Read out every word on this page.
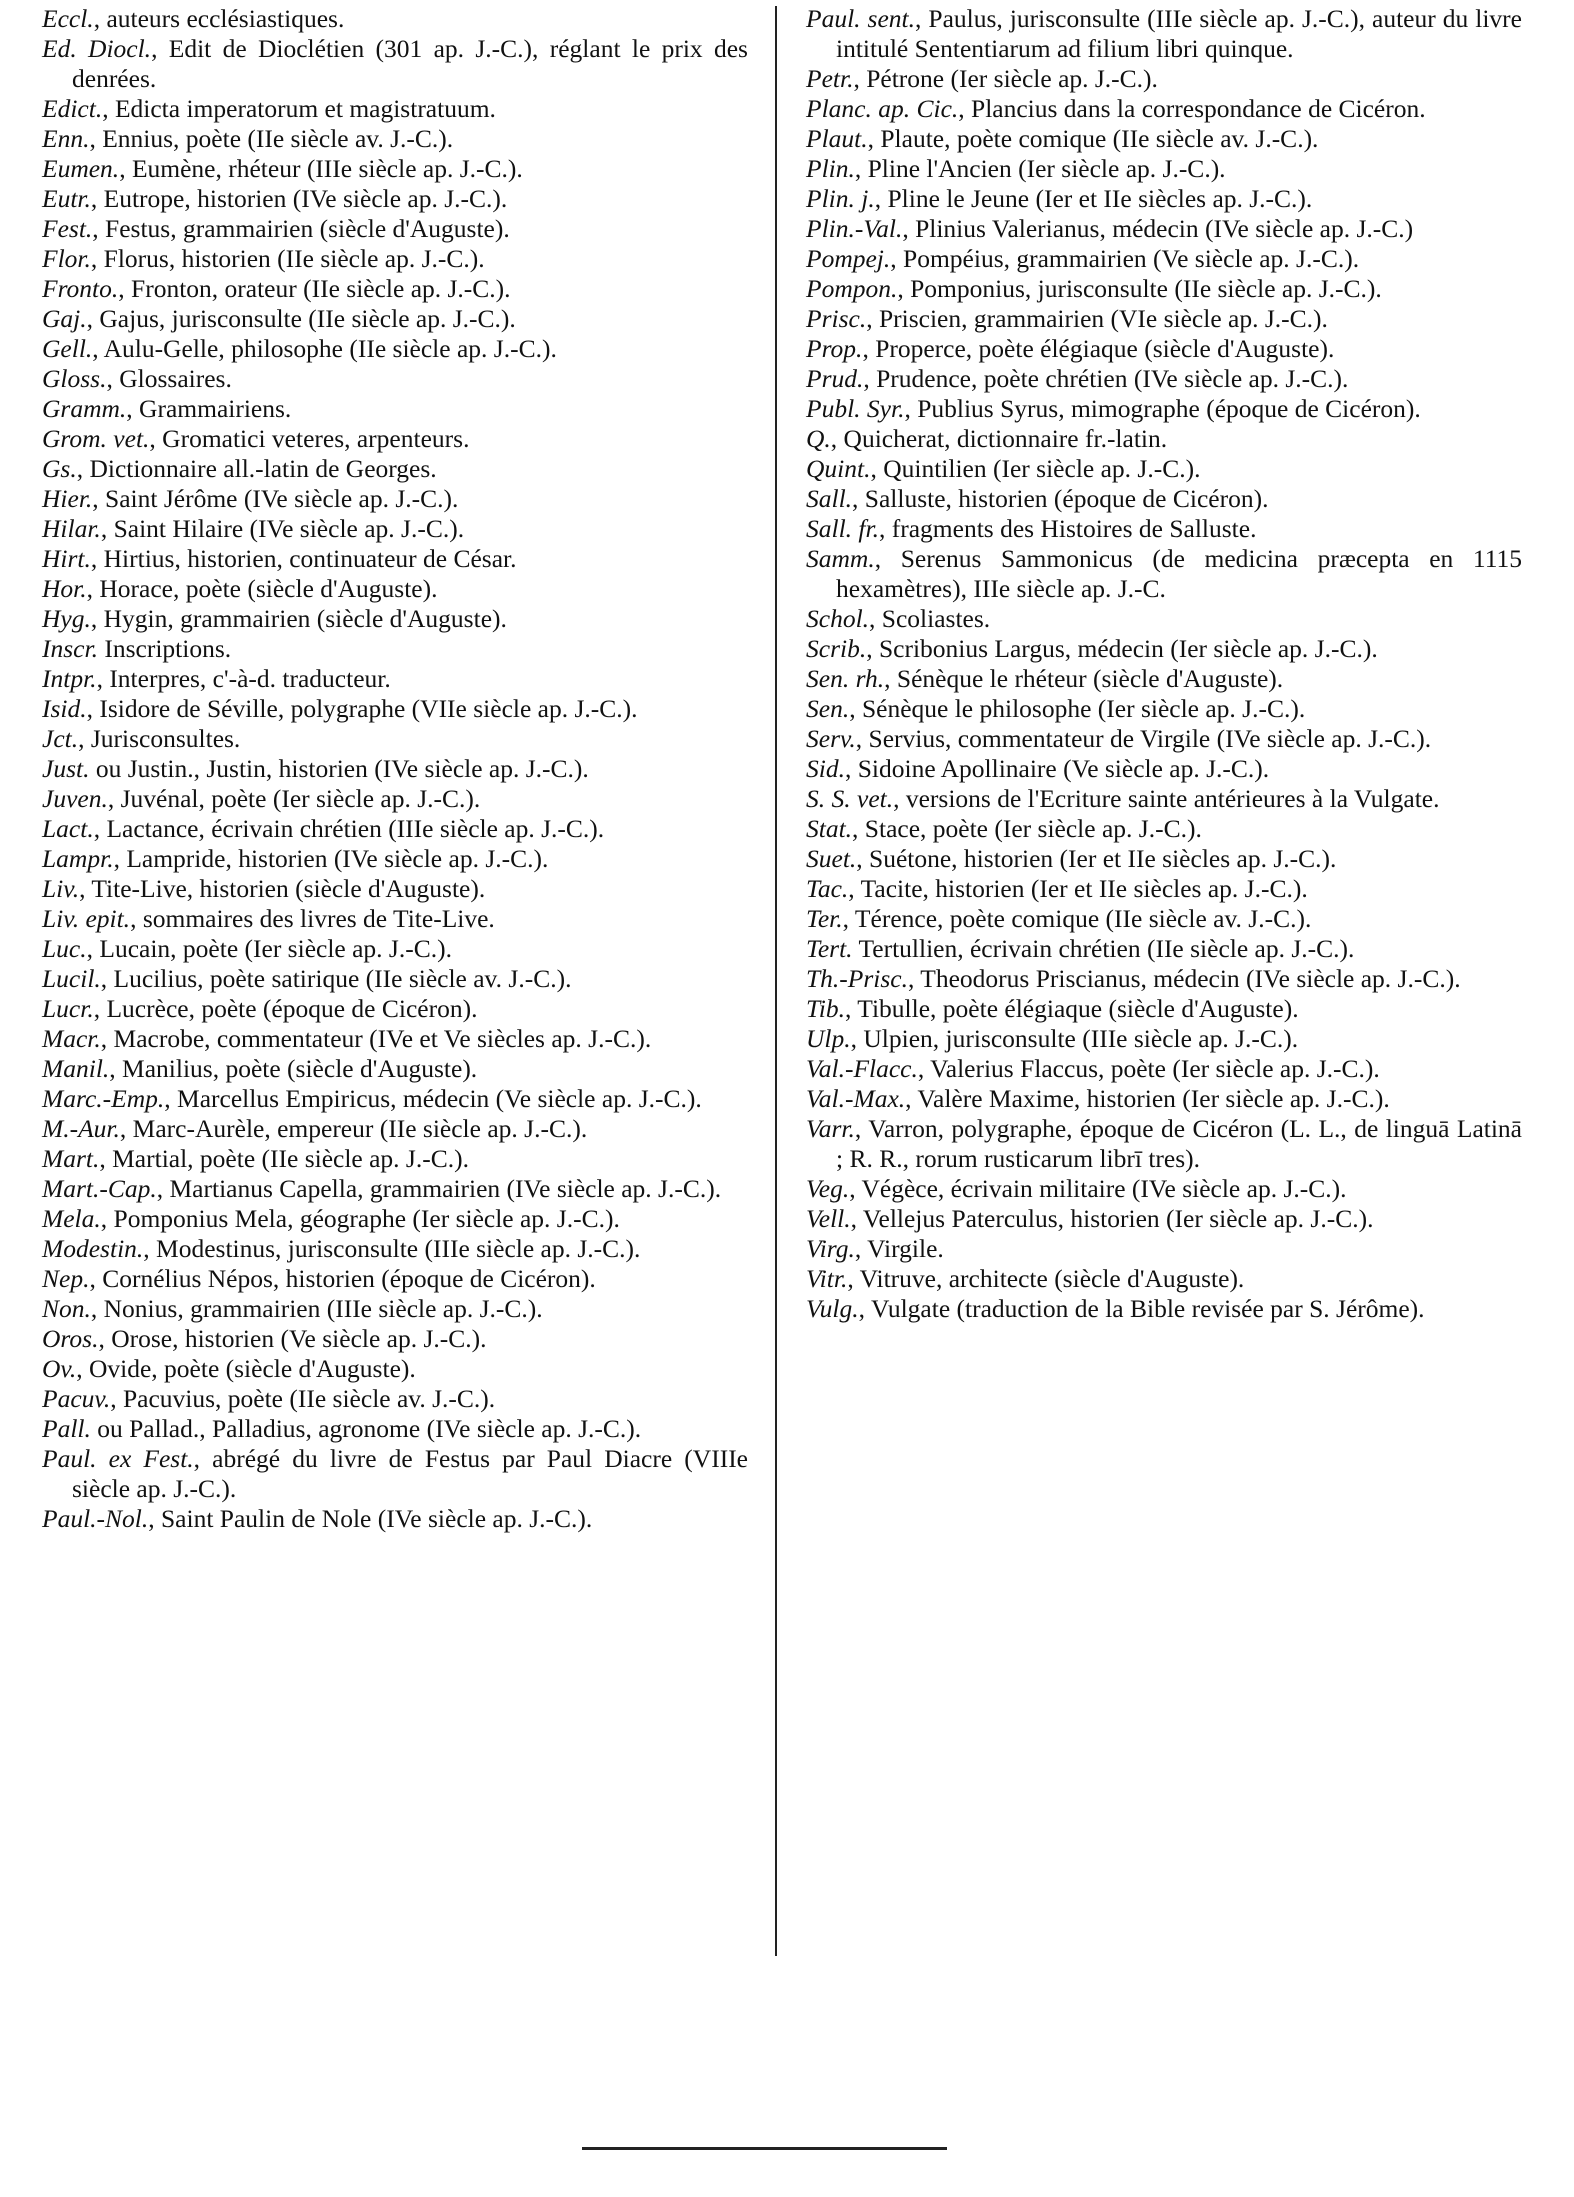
Eccl., auteurs ecclésiastiques.

Ed. Diocl., Edit de Dioclétien (301 ap. J.-C.), réglant le prix des denrées.

Edict., Edicta imperatorum et magistratuum.

Enn., Ennius, poète (IIe siècle av. J.-C.).

Eumen., Eumène, rhéteur (IIIe siècle ap. J.-C.).

Eutr., Eutrope, historien (IVe siècle ap. J.-C.).

Fest., Festus, grammairien (siècle d'Auguste).

Flor., Florus, historien (IIe siècle ap. J.-C.).

Fronto., Fronton, orateur (IIe siècle ap. J.-C.).

Gaj., Gajus, jurisconsulte (IIe siècle ap. J.-C.).

Gell., Aulu-Gelle, philosophe (IIe siècle ap. J.-C.).

Gloss., Glossaires.

Gramm., Grammairiens.

Grom. vet., Gromatici veteres, arpenteurs.

Gs., Dictionnaire all.-latin de Georges.

Hier., Saint Jérôme (IVe siècle ap. J.-C.).

Hilar., Saint Hilaire (IVe siècle ap. J.-C.).

Hirt., Hirtius, historien, continuateur de César.

Hor., Horace, poète (siècle d'Auguste).

Hyg., Hygin, grammairien (siècle d'Auguste).

Inscr. Inscriptions.

Intpr., Interpres, c'-à-d. traducteur.

Isid., Isidore de Séville, polygraphe (VIIe siècle ap. J.-C.).

Jct., Jurisconsultes.

Just. ou Justin., Justin, historien (IVe siècle ap. J.-C.).

Juven., Juvénal, poète (Ier siècle ap. J.-C.).

Lact., Lactance, écrivain chrétien (IIIe siècle ap. J.-C.).

Lampr., Lampride, historien (IVe siècle ap. J.-C.).

Liv., Tite-Live, historien (siècle d'Auguste).

Liv. epit., sommaires des livres de Tite-Live.

Luc., Lucain, poète (Ier siècle ap. J.-C.).

Lucil., Lucilius, poète satirique (IIe siècle av. J.-C.).

Lucr., Lucrèce, poète (époque de Cicéron).

Macr., Macrobe, commentateur (IVe et Ve siècles ap. J.-C.).

Manil., Manilius, poète (siècle d'Auguste).

Marc.-Emp., Marcellus Empiricus, médecin (Ve siècle ap. J.-C.).

M.-Aur., Marc-Aurèle, empereur (IIe siècle ap. J.-C.).

Mart., Martial, poète (IIe siècle ap. J.-C.).

Mart.-Cap., Martianus Capella, grammairien (IVe siècle ap. J.-C.).

Mela., Pomponius Mela, géographe (Ier siècle ap. J.-C.).

Modestin., Modestinus, jurisconsulte (IIIe siècle ap. J.-C.).

Nep., Cornélius Népos, historien (époque de Cicéron).

Non., Nonius, grammairien (IIIe siècle ap. J.-C.).

Oros., Orose, historien (Ve siècle ap. J.-C.).

Ov., Ovide, poète (siècle d'Auguste).

Pacuv., Pacuvius, poète (IIe siècle av. J.-C.).

Pall. ou Pallad., Palladius, agronome (IVe siècle ap. J.-C.).

Paul. ex Fest., abrégé du livre de Festus par Paul Diacre (VIIIe siècle ap. J.-C.).

Paul.-Nol., Saint Paulin de Nole (IVe siècle ap. J.-C.).

Paul. sent., Paulus, jurisconsulte (IIIe siècle ap. J.-C.), auteur du livre intitulé Sententiarum ad filium libri quinque.

Petr., Pétrone (Ier siècle ap. J.-C.).

Planc. ap. Cic., Plancius dans la correspondance de Cicéron.

Plaut., Plaute, poète comique (IIe siècle av. J.-C.).

Plin., Pline l'Ancien (Ier siècle ap. J.-C.).

Plin. j., Pline le Jeune (Ier et IIe siècles ap. J.-C.).

Plin.-Val., Plinius Valerianus, médecin (IVe siècle ap. J.-C.)

Pompej., Pompéius, grammairien (Ve siècle ap. J.-C.).

Pompon., Pomponius, jurisconsulte (IIe siècle ap. J.-C.).

Prisc., Priscien, grammairien (VIe siècle ap. J.-C.).

Prop., Properce, poète élégiaque (siècle d'Auguste).

Prud., Prudence, poète chrétien (IVe siècle ap. J.-C.).

Publ. Syr., Publius Syrus, mimographe (époque de Cicéron).

Q., Quicherat, dictionnaire fr.-latin.

Quint., Quintilien (Ier siècle ap. J.-C.).

Sall., Salluste, historien (époque de Cicéron).

Sall. fr., fragments des Histoires de Salluste.

Samm., Serenus Sammonicus (de medicina præcepta en 1115 hexamètres), IIIe siècle ap. J.-C.

Schol., Scoliastes.

Scrib., Scribonius Largus, médecin (Ier siècle ap. J.-C.).

Sen. rh., Sénèque le rhéteur (siècle d'Auguste).

Sen., Sénèque le philosophe (Ier siècle ap. J.-C.).

Serv., Servius, commentateur de Virgile (IVe siècle ap. J.-C.).

Sid., Sidoine Apollinaire (Ve siècle ap. J.-C.).

S. S. vet., versions de l'Ecriture sainte antérieures à la Vulgate.

Stat., Stace, poète (Ier siècle ap. J.-C.).

Suet., Suétone, historien (Ier et IIe siècles ap. J.-C.).

Tac., Tacite, historien (Ier et IIe siècles ap. J.-C.).

Ter., Térence, poète comique (IIe siècle av. J.-C.).

Tert. Tertullien, écrivain chrétien (IIe siècle ap. J.-C.).

Th.-Prisc., Theodorus Priscianus, médecin (IVe siècle ap. J.-C.).

Tib., Tibulle, poète élégiaque (siècle d'Auguste).

Ulp., Ulpien, jurisconsulte (IIIe siècle ap. J.-C.).

Val.-Flacc., Valerius Flaccus, poète (Ier siècle ap. J.-C.).

Val.-Max., Valère Maxime, historien (Ier siècle ap. J.-C.).

Varr., Varron, polygraphe, époque de Cicéron (L. L., de linguā Latinā ; R. R., rorum rusticarum librī tres).

Veg., Végèce, écrivain militaire (IVe siècle ap. J.-C.).

Vell., Vellejus Paterculus, historien (Ier siècle ap. J.-C.).

Virg., Virgile.

Vitr., Vitruve, architecte (siècle d'Auguste).

Vulg., Vulgate (traduction de la Bible revisée par S. Jérôme).
